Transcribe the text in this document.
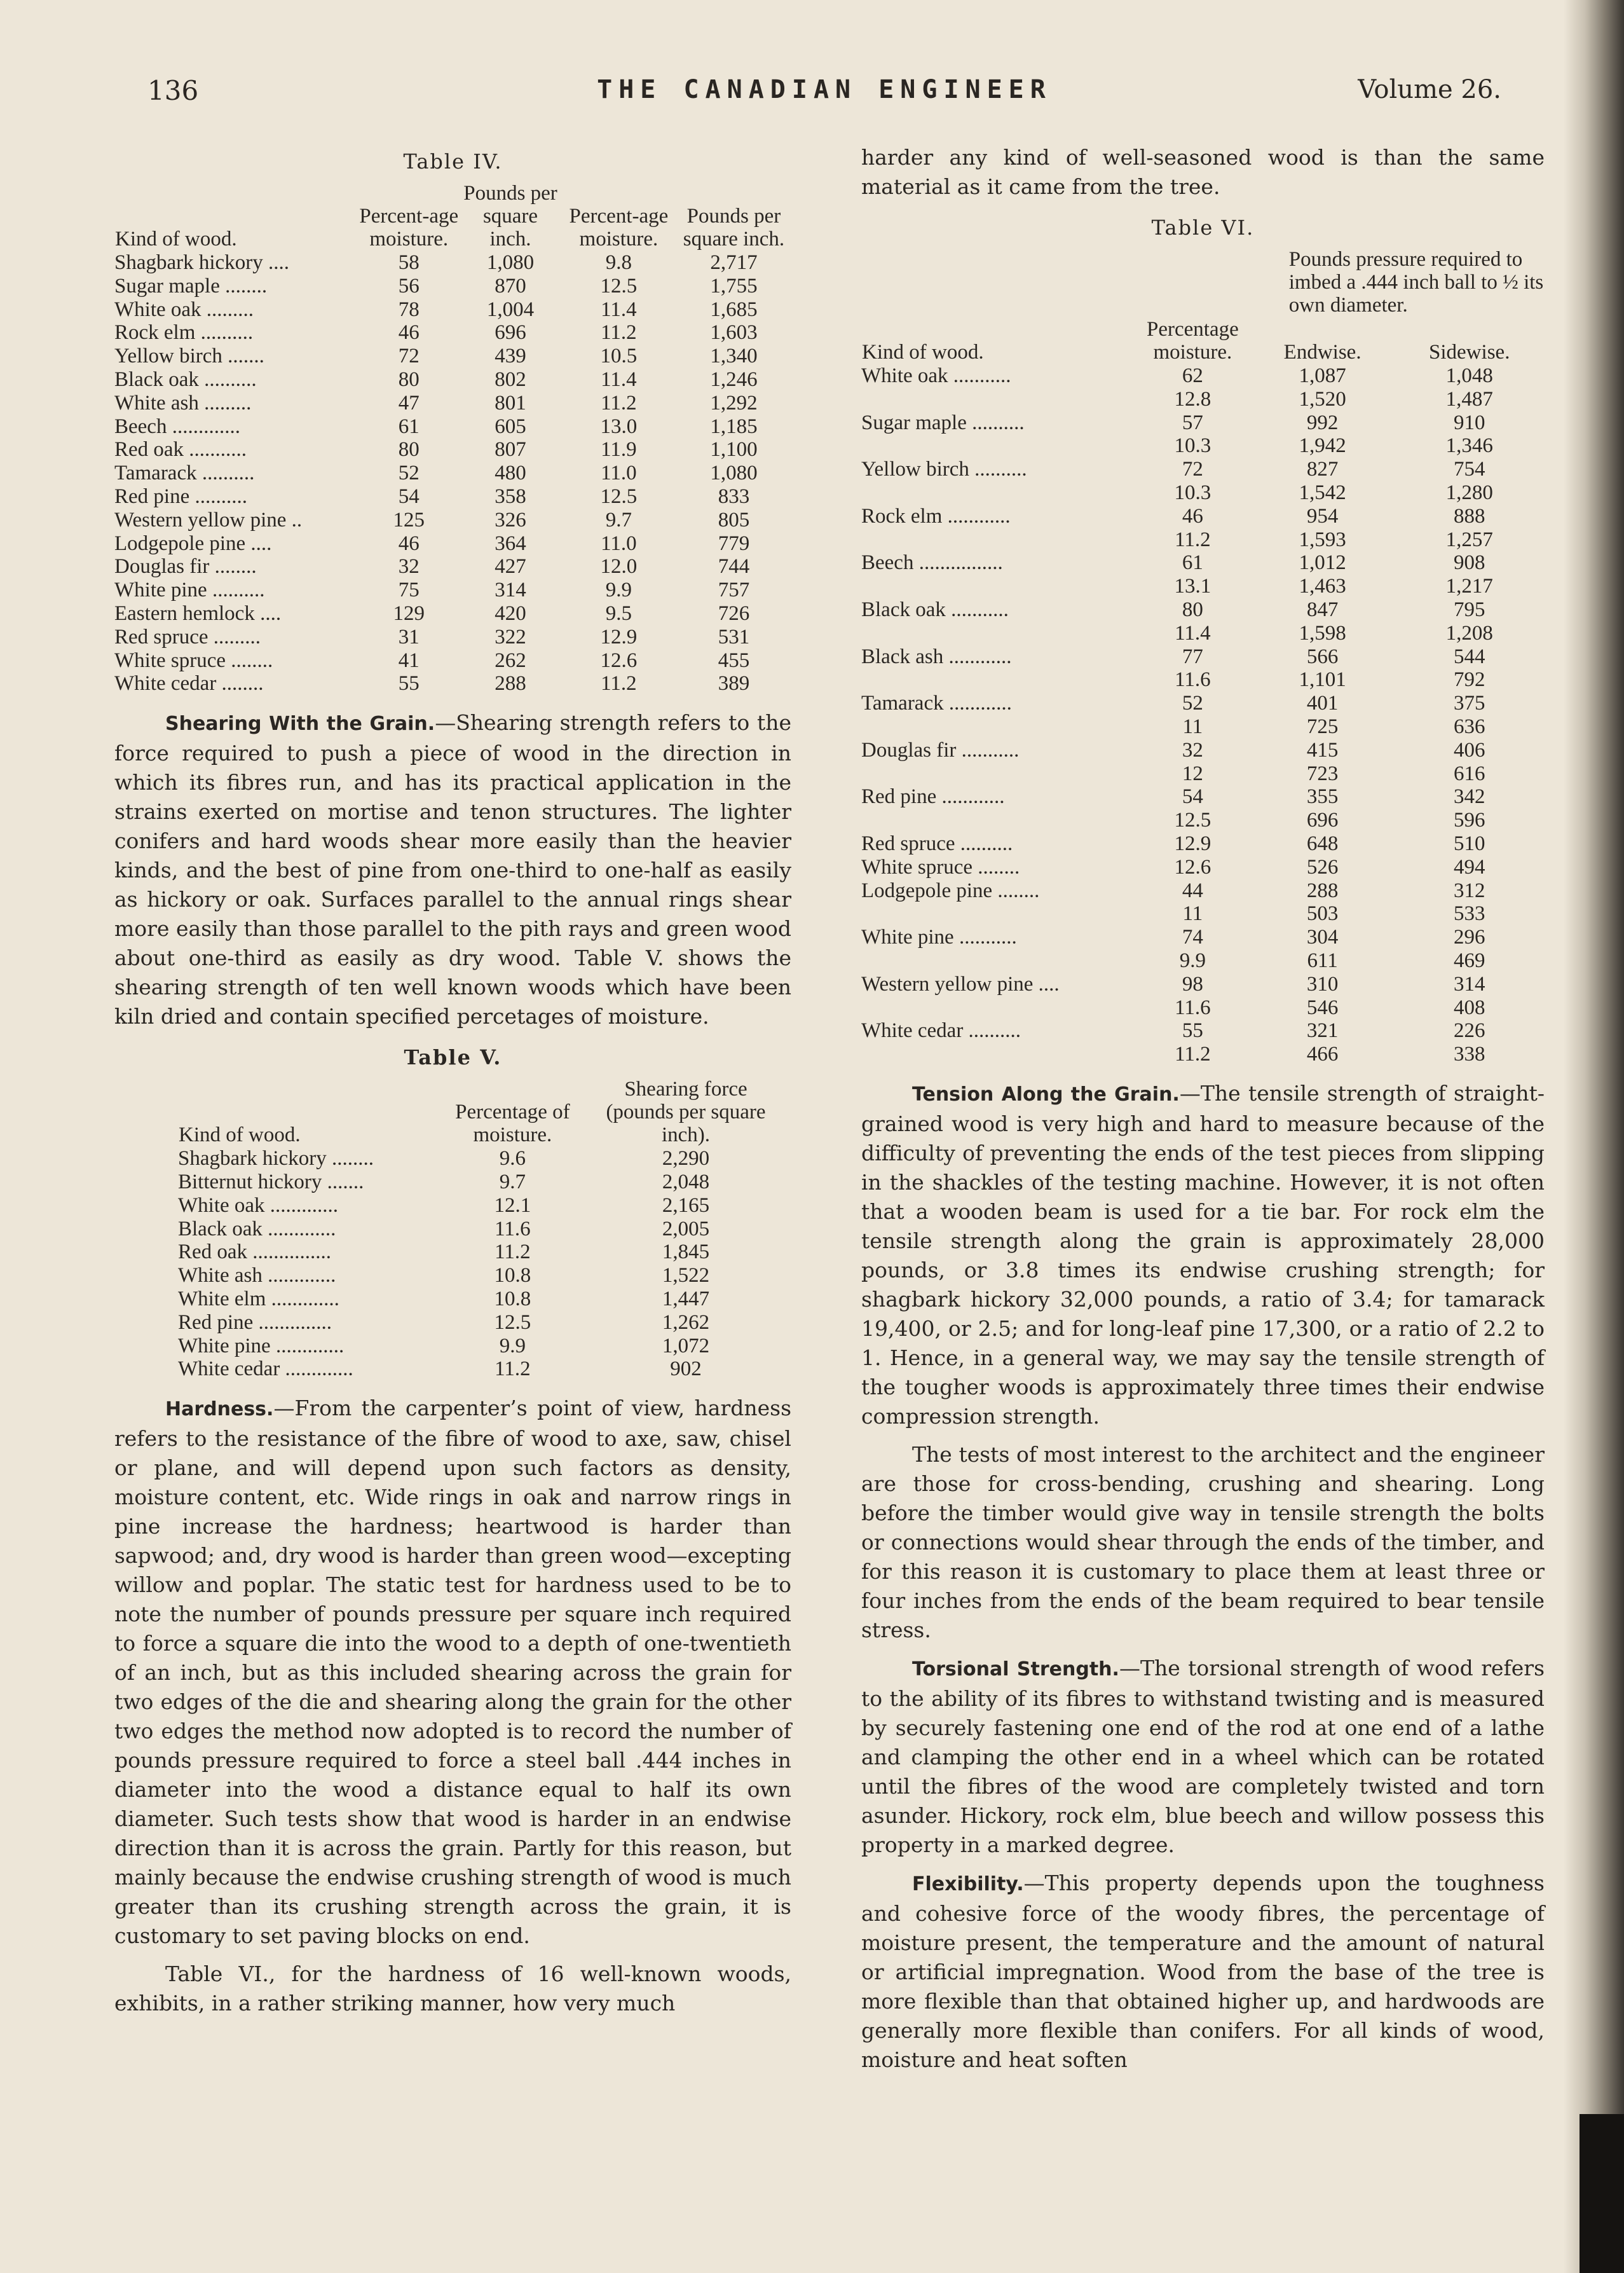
136	THE CANADIAN ENGINEER	Volume 26.
Table IV.
Kind of wood.	Percent-age moisture.	Pounds per square inch.	Percent-age moisture.	Pounds per square inch.
Shagbark hickory ....	58	1,080	9.8	2,717
Sugar maple ........	56	870	12.5	1,755
White oak .........	78	1,004	11.4	1,685
Rock elm ..........	46	696	11.2	1,603
Yellow birch .......	72	439	10.5	1,340
Black oak ..........	80	802	11.4	1,246
White ash .........	47	801	11.2	1,292
Beech .............	61	605	13.0	1,185
Red oak ...........	80	807	11.9	1,100
Tamarack ..........	52	480	11.0	1,080
Red pine ..........	54	358	12.5	833
Western yellow pine ..	125	326	9.7	805
Lodgepole pine ....	46	364	11.0	779
Douglas fir ........	32	427	12.0	744
White pine ..........	75	314	9.9	757
Eastern hemlock ....	129	420	9.5	726
Red spruce .........	31	322	12.9	531
White spruce ........	41	262	12.6	455
White cedar ........	55	288	11.2	389

Shearing With the Grain.—Shearing strength refers to the force required to push a piece of wood in the direction in which its fibres run, and has its practical application in the strains exerted on mortise and tenon structures. The lighter conifers and hard woods shear more easily than the heavier kinds, and the best of pine from one-third to one-half as easily as hickory or oak. Surfaces parallel to the annual rings shear more easily than those parallel to the pith rays and green wood about one-third as easily as dry wood. Table V. shows the shearing strength of ten well known woods which have been kiln dried and contain specified percetages of moisture.

Table V.
Kind of wood.	Percentage of moisture.	Shearing force (pounds per square inch).
Shagbark hickory ........	9.6	2,290
Bitternut hickory .......	9.7	2,048
White oak .............	12.1	2,165
Black oak .............	11.6	2,005
Red oak ...............	11.2	1,845
White ash .............	10.8	1,522
White elm .............	10.8	1,447
Red pine ..............	12.5	1,262
White pine .............	9.9	1,072
White cedar .............	11.2	902

Hardness.—From the carpenter’s point of view, hardness refers to the resistance of the fibre of wood to axe, saw, chisel or plane, and will depend upon such factors as density, moisture content, etc. Wide rings in oak and narrow rings in pine increase the hardness; heartwood is harder than sapwood; and, dry wood is harder than green wood—excepting willow and poplar. The static test for hardness used to be to note the number of pounds pressure per square inch required to force a square die into the wood to a depth of one-twentieth of an inch, but as this included shearing across the grain for two edges of the die and shearing along the grain for the other two edges the method now adopted is to record the number of pounds pressure required to force a steel ball .444 inches in diameter into the wood a distance equal to half its own diameter. Such tests show that wood is harder in an endwise direction than it is across the grain. Partly for this reason, but mainly because the endwise crushing strength of wood is much greater than its crushing strength across the grain, it is customary to set paving blocks on end.

Table VI., for the hardness of 16 well-known woods, exhibits, in a rather striking manner, how very much

harder any kind of well-seasoned wood is than the same material as it came from the tree.

Table VI.
Kind of wood.		Pounds pressure required to imbed a .444 inch ball to ½ its own diameter.	
	Percentage moisture.	Endwise.	Sidewise.
White oak ...........	62	1,087	1,048
	12.8	1,520	1,487
Sugar maple ..........	57	992	910
	10.3	1,942	1,346
Yellow birch ..........	72	827	754
	10.3	1,542	1,280
Rock elm ............	46	954	888
	11.2	1,593	1,257
Beech ................	61	1,012	908
	13.1	1,463	1,217
Black oak ...........	80	847	795
	11.4	1,598	1,208
Black ash ............	77	566	544
	11.6	1,101	792
Tamarack ............	52	401	375
	11	725	636
Douglas fir ...........	32	415	406
	12	723	616
Red pine ............	54	355	342
	12.5	696	596
Red spruce ..........	12.9	648	510
White spruce ........	12.6	526	494
Lodgepole pine ........	44	288	312
	11	503	533
White pine ...........	74	304	296
	9.9	611	469
Western yellow pine ....	98	310	314
	11.6	546	408
White cedar ..........	55	321	226
	11.2	466	338

Tension Along the Grain.—The tensile strength of straight-grained wood is very high and hard to measure because of the difficulty of preventing the ends of the test pieces from slipping in the shackles of the testing machine. However, it is not often that a wooden beam is used for a tie bar. For rock elm the tensile strength along the grain is approximately 28,000 pounds, or 3.8 times its endwise crushing strength; for shagbark hickory 32,000 pounds, a ratio of 3.4; for tamarack 19,400, or 2.5; and for long-leaf pine 17,300, or a ratio of 2.2 to 1. Hence, in a general way, we may say the tensile strength of the tougher woods is approximately three times their endwise compression strength.

The tests of most interest to the architect and the engineer are those for cross-bending, crushing and shearing. Long before the timber would give way in tensile strength the bolts or connections would shear through the ends of the timber, and for this reason it is customary to place them at least three or four inches from the ends of the beam required to bear tensile stress.

Torsional Strength.—The torsional strength of wood refers to the ability of its fibres to withstand twisting and is measured by securely fastening one end of the rod at one end of a lathe and clamping the other end in a wheel which can be rotated until the fibres of the wood are completely twisted and torn asunder. Hickory, rock elm, blue beech and willow possess this property in a marked degree.

Flexibility.—This property depends upon the toughness and cohesive force of the woody fibres, the percentage of moisture present, the temperature and the amount of natural or artificial impregnation. Wood from the base of the tree is more flexible than that obtained higher up, and hardwoods are generally more flexible than conifers. For all kinds of wood, moisture and heat soften
